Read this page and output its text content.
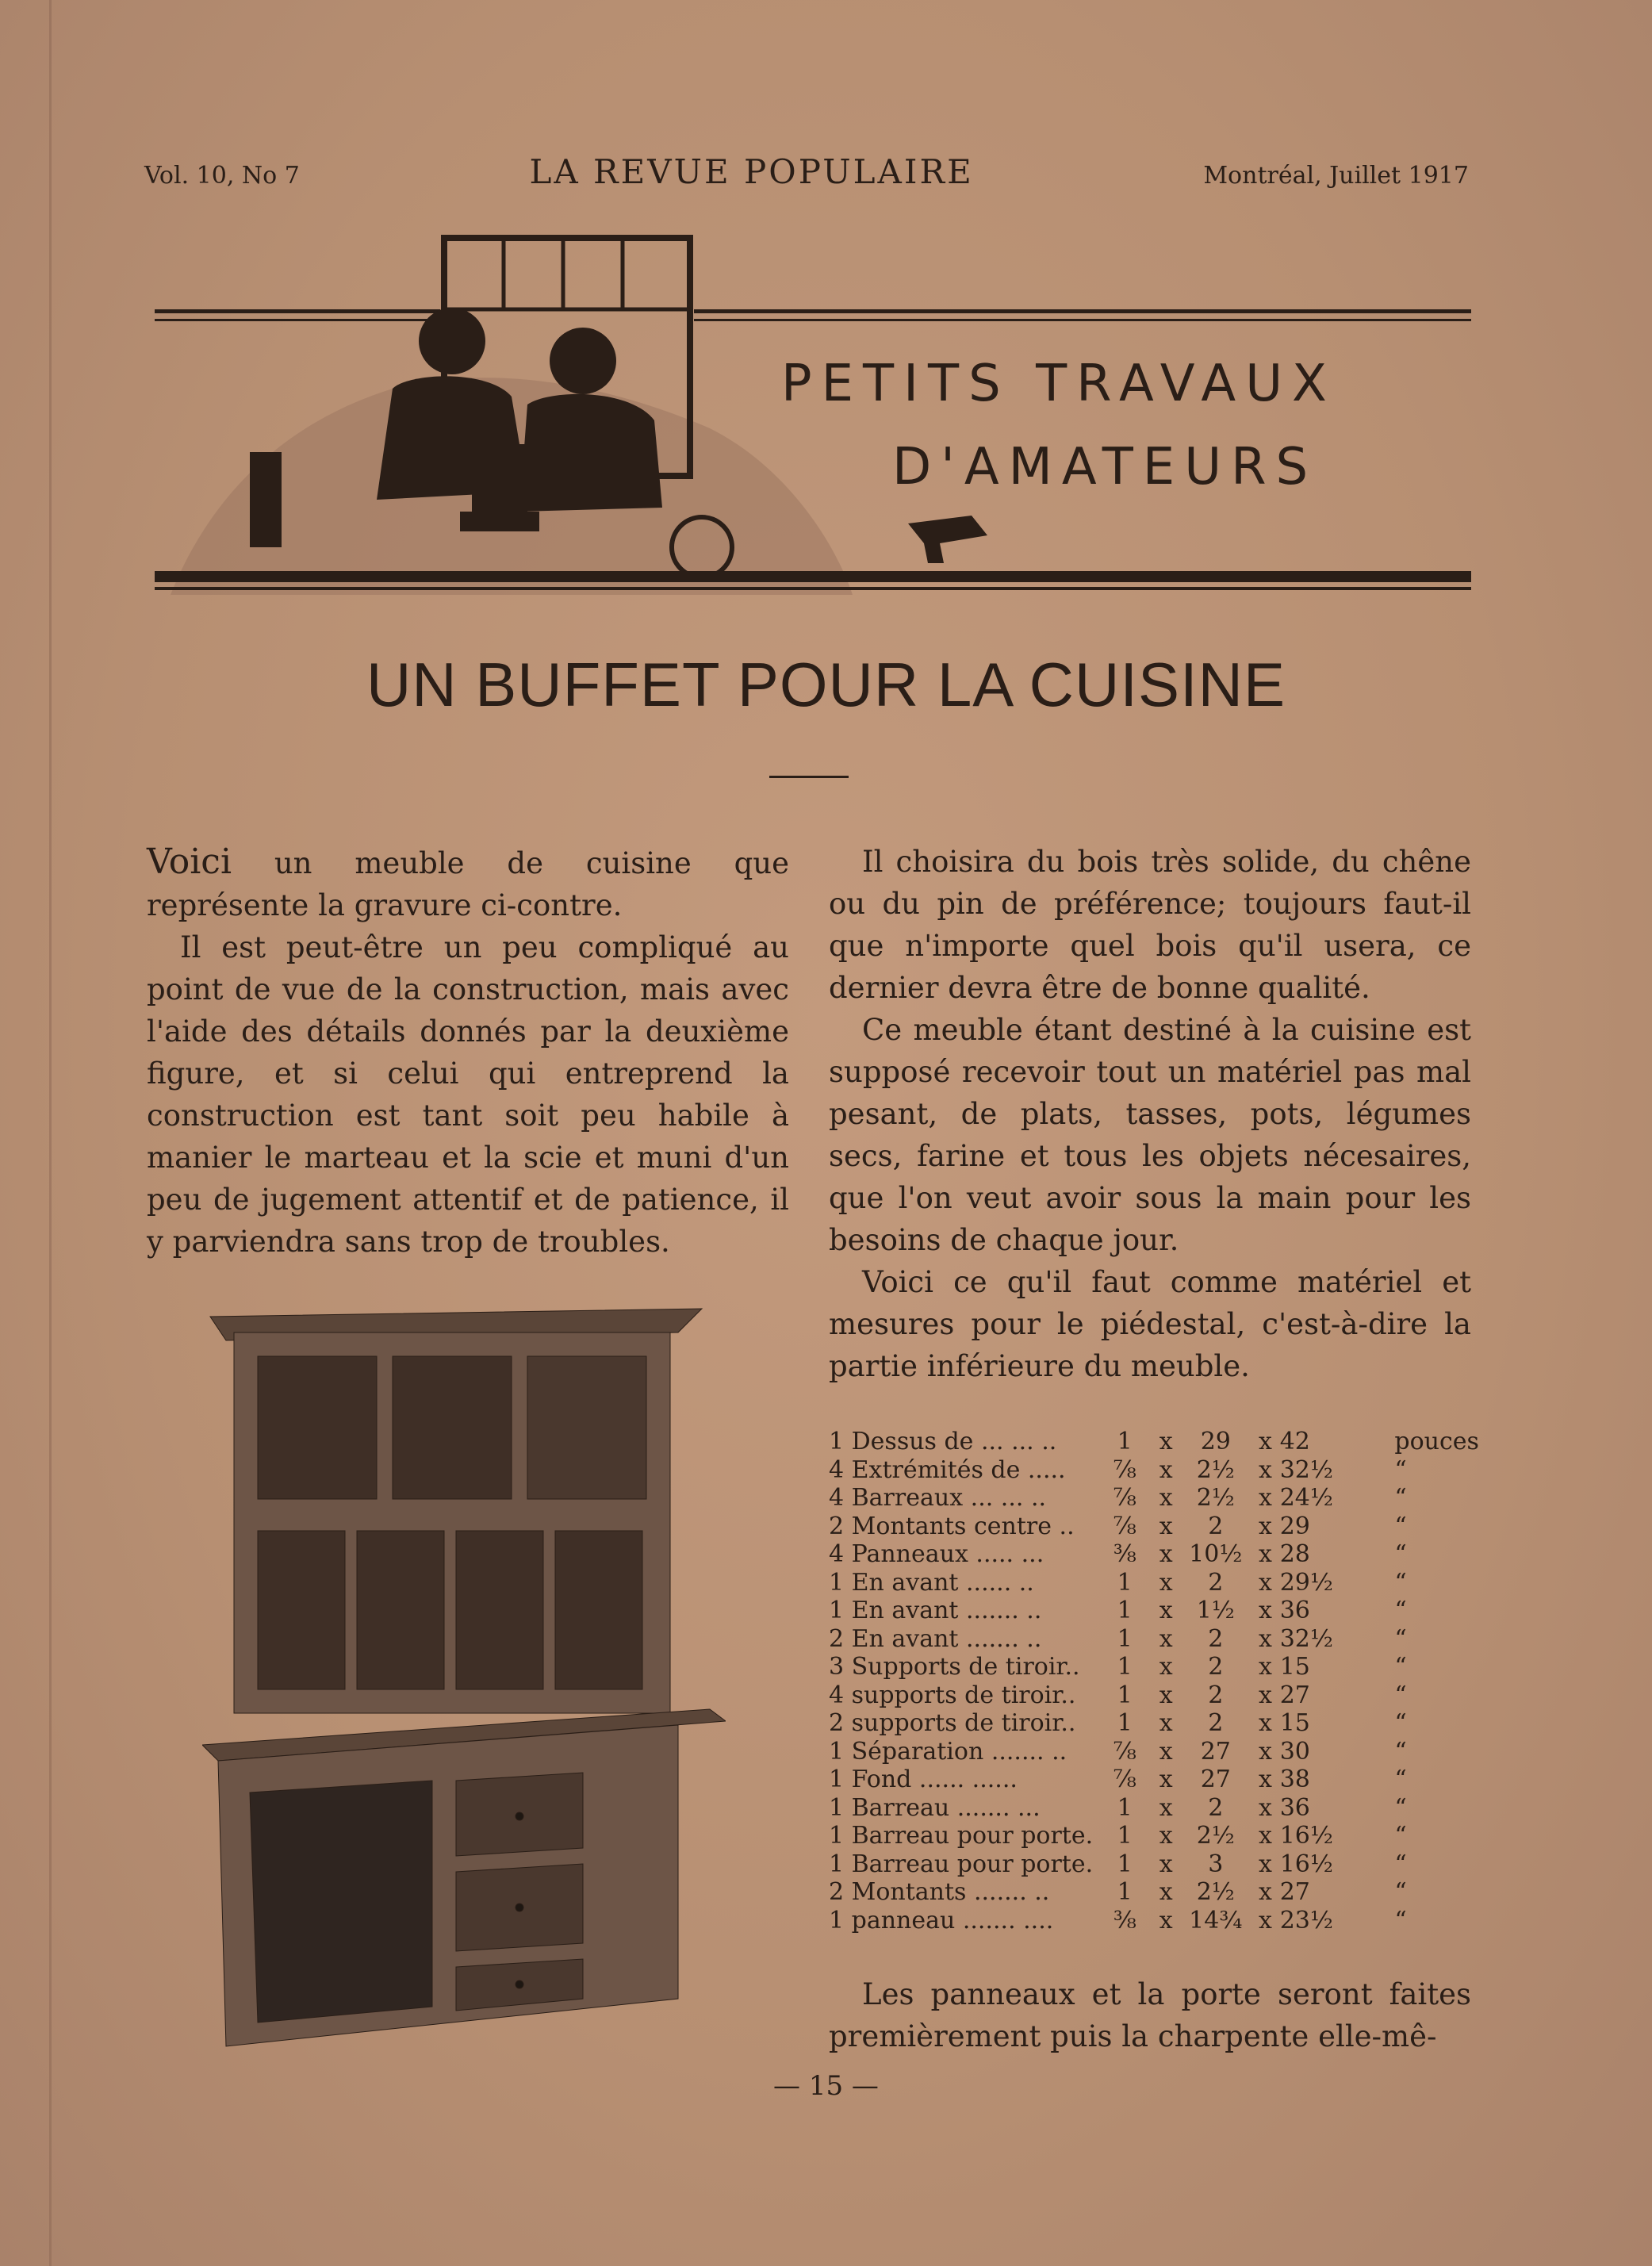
Vol. 10, No 7	LA REVUE POPULAIRE	Montréal, Juillet 1917
PETITS TRAVAUX
D'AMATEURS
UN BUFFET POUR LA CUISINE

Voici un meuble de cuisine que représente la gravure ci-contre.

Il est peut-être un peu compliqué au point de vue de la construction, mais avec l'aide des détails donnés par la deuxième figure, et si celui qui entreprend la construction est tant soit peu habile à manier le marteau et la scie et muni d'un peu de jugement attentif et de patience, il y parviendra sans trop de troubles.

Il choisira du bois très solide, du chêne ou du pin de préférence; toujours faut-il que n'importe quel bois qu'il usera, ce dernier devra être de bonne qualité.

Ce meuble étant destiné à la cuisine est supposé recevoir tout un matériel pas mal pesant, de plats, tasses, pots, légumes secs, farine et tous les objets nécesaires, que l'on veut avoir sous la main pour les besoins de chaque jour.

Voici ce qu'il faut comme matériel et mesures pour le piédestal, c'est-à-dire la partie inférieure du meuble.

1 Dessus de ... ... ..	1	x	29	x	42	pouces
4 Extrémités de .....	⅞	x	2½	x	32½	“
4 Barreaux ... ... ..	⅞	x	2½	x	24½	“
2 Montants centre ..	⅞	x	2	x	29	“
4 Panneaux ..... ...	⅜	x	10½	x	28	“
1 En avant ...... ..	1	x	2	x	29½	“
1 En avant ....... ..	1	x	1½	x	36	“
2 En avant ....... ..	1	x	2	x	32½	“
3 Supports de tiroir..	1	x	2	x	15	“
4 supports de tiroir..	1	x	2	x	27	“
2 supports de tiroir..	1	x	2	x	15	“
1 Séparation ....... ..	⅞	x	27	x	30	“
1 Fond ...... ......	⅞	x	27	x	38	“
1 Barreau ....... ...	1	x	2	x	36	“
1 Barreau pour porte.	1	x	2½	x	16½	“
1 Barreau pour porte.	1	x	3	x	16½	“
2 Montants ....... ..	1	x	2½	x	27	“
1 panneau ....... ....	⅜	x	14¾	x	23½	“

Les panneaux et la porte seront faites premièrement puis la charpente elle-mê-

— 15 —
